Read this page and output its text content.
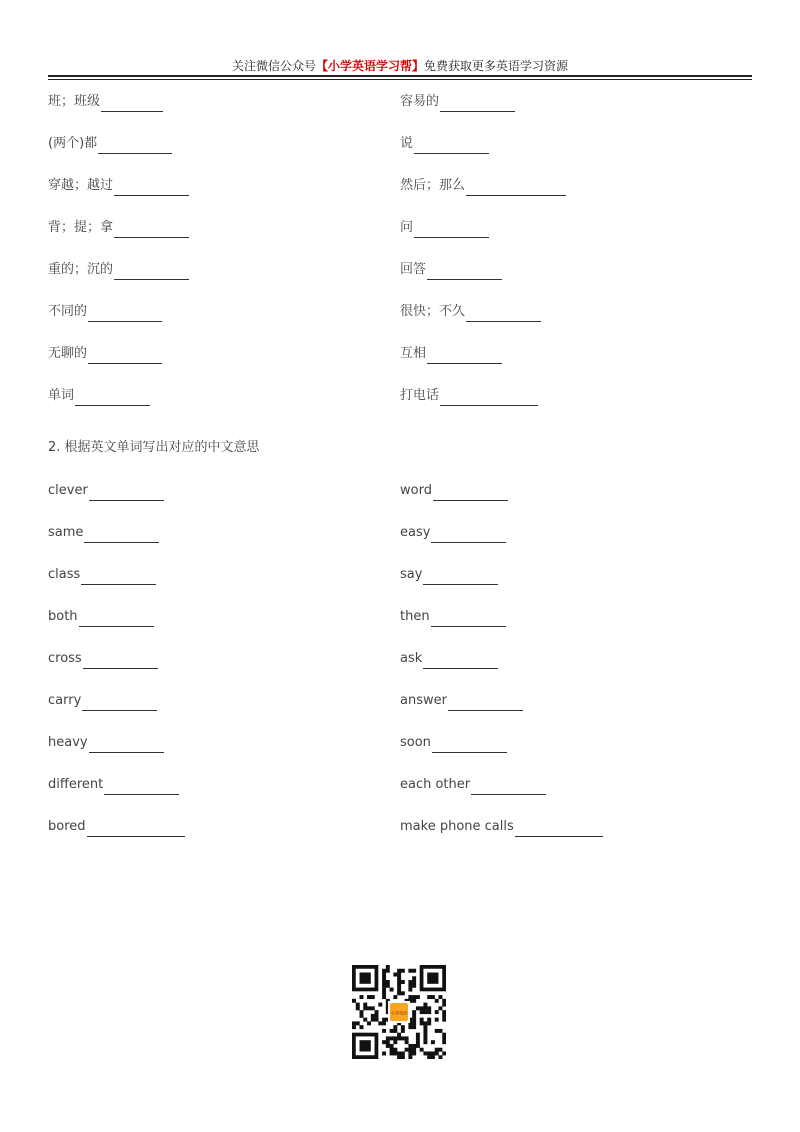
关注微信公众号【小学英语学习帮】免费获取更多英语学习资源
班；班级	容易的
(两个)都	说
穿越；越过	然后；那么
背；提；拿	问
重的；沉的	回答
不同的	很快；不久
无聊的	互相
单词	打电话
2. 根据英文单词写出对应的中文意思
clever	word
same	easy
class	say
both	then
cross	ask
carry	answer
heavy	soon
different	each other
bored	make phone calls
小学英语
